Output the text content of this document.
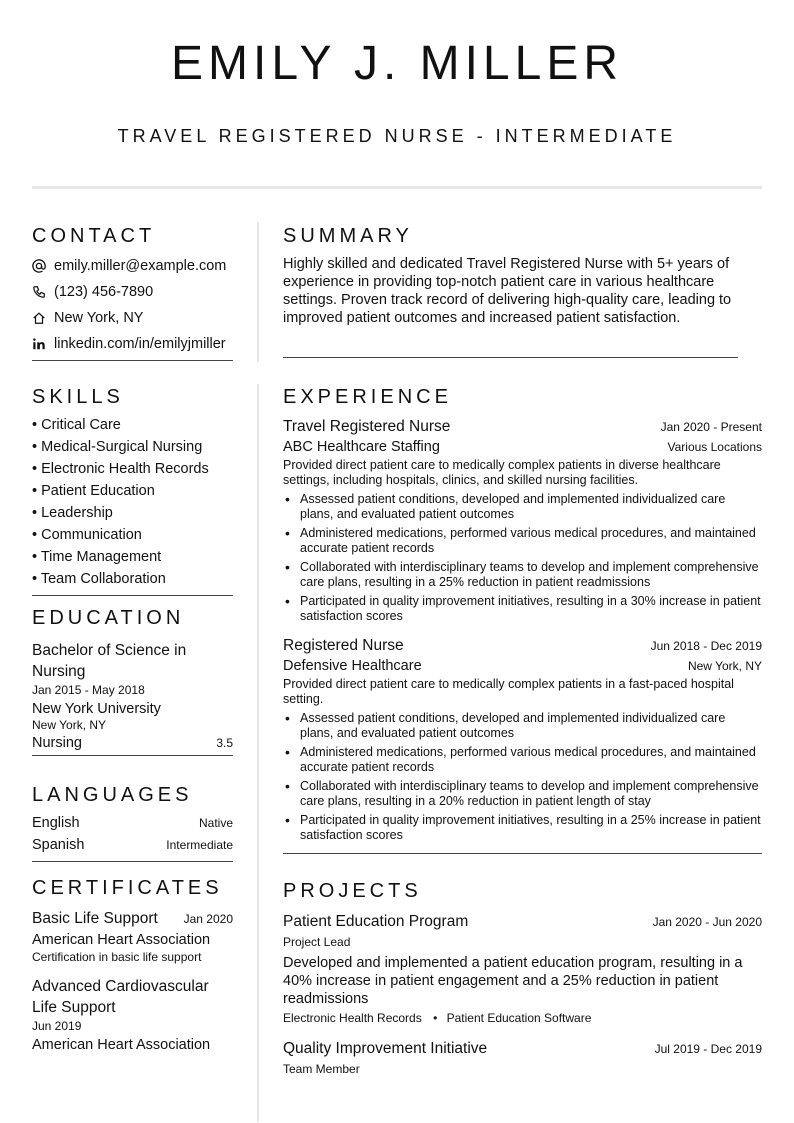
EMILY J. MILLER
TRAVEL REGISTERED NURSE - INTERMEDIATE
CONTACT
emily.miller@example.com
(123) 456-7890
New York, NY
linkedin.com/in/emilyjmiller
SKILLS
• Critical Care
• Medical-Surgical Nursing
• Electronic Health Records
• Patient Education
• Leadership
• Communication
• Time Management
• Team Collaboration
EDUCATION
Bachelor of Science in Nursing
Jan 2015 - May 2018
New York University
New York, NY
Nursing	3.5
LANGUAGES
English	Native
Spanish	Intermediate
CERTIFICATES
Basic Life Support Jan 2020
American Heart Association
Certification in basic life support
Advanced Cardiovascular Life Support
Jun 2019
American Heart Association
SUMMARY
Highly skilled and dedicated Travel Registered Nurse with 5+ years of experience in providing top-notch patient care in various healthcare settings. Proven track record of delivering high-quality care, leading to improved patient outcomes and increased patient satisfaction.
EXPERIENCE
Travel Registered Nurse	Jan 2020 - Present
ABC Healthcare Staffing	Various Locations
Provided direct patient care to medically complex patients in diverse healthcare settings, including hospitals, clinics, and skilled nursing facilities.
• Assessed patient conditions, developed and implemented individualized care plans, and evaluated patient outcomes
• Administered medications, performed various medical procedures, and maintained accurate patient records
• Collaborated with interdisciplinary teams to develop and implement comprehensive care plans, resulting in a 25% reduction in patient readmissions
• Participated in quality improvement initiatives, resulting in a 30% increase in patient satisfaction scores
Registered Nurse	Jun 2018 - Dec 2019
Defensive Healthcare	New York, NY
Provided direct patient care to medically complex patients in a fast-paced hospital setting.
• Assessed patient conditions, developed and implemented individualized care plans, and evaluated patient outcomes
• Administered medications, performed various medical procedures, and maintained accurate patient records
• Collaborated with interdisciplinary teams to develop and implement comprehensive care plans, resulting in a 20% reduction in patient length of stay
• Participated in quality improvement initiatives, resulting in a 25% increase in patient satisfaction scores
PROJECTS
Patient Education Program	Jan 2020 - Jun 2020
Project Lead
Developed and implemented a patient education program, resulting in a 40% increase in patient engagement and a 25% reduction in patient readmissions
Electronic Health Records • Patient Education Software
Quality Improvement Initiative	Jul 2019 - Dec 2019
Team Member
